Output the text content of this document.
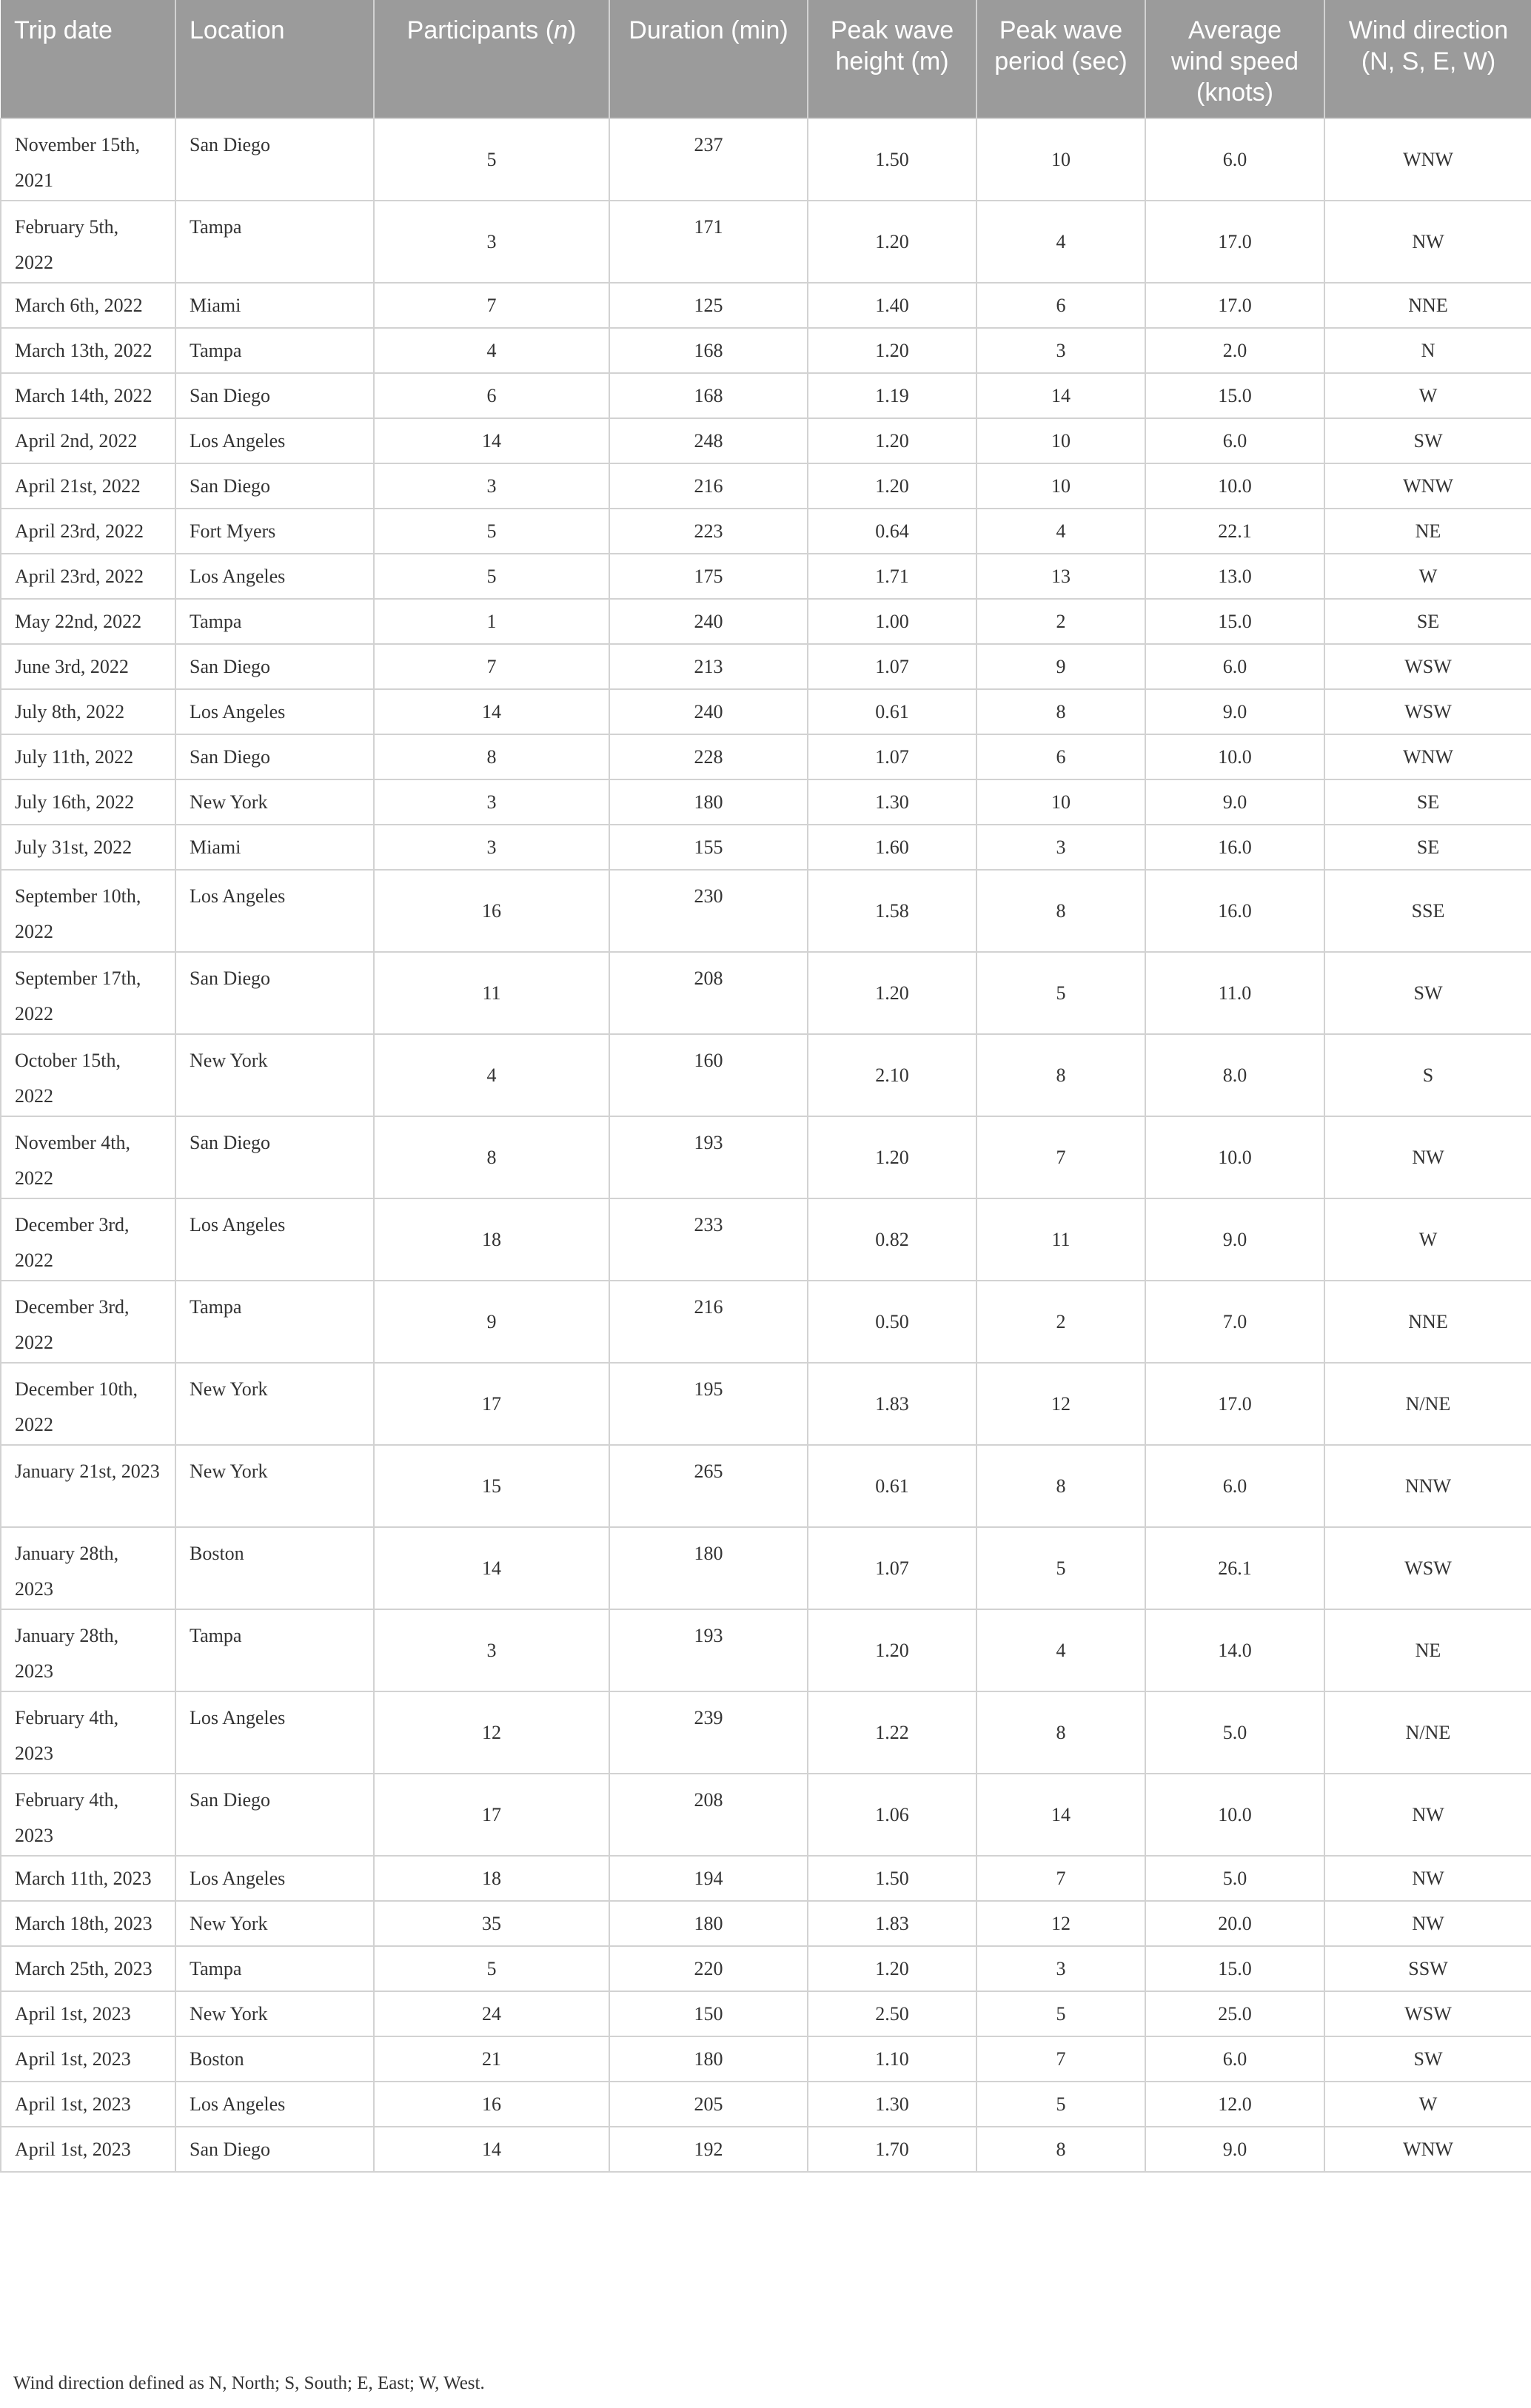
Trip date	Location	Participants (n)	Duration (min)	Peak wave height (m)	Peak wave period (sec)	Average wind speed (knots)	Wind direction (N, S, E, W)
November 15th, 2021	San Diego	5	237	1.50	10	6.0	WNW
February 5th, 2022	Tampa	3	171	1.20	4	17.0	NW
March 6th, 2022	Miami	7	125	1.40	6	17.0	NNE
March 13th, 2022	Tampa	4	168	1.20	3	2.0	N
March 14th, 2022	San Diego	6	168	1.19	14	15.0	W
April 2nd, 2022	Los Angeles	14	248	1.20	10	6.0	SW
April 21st, 2022	San Diego	3	216	1.20	10	10.0	WNW
April 23rd, 2022	Fort Myers	5	223	0.64	4	22.1	NE
April 23rd, 2022	Los Angeles	5	175	1.71	13	13.0	W
May 22nd, 2022	Tampa	1	240	1.00	2	15.0	SE
June 3rd, 2022	San Diego	7	213	1.07	9	6.0	WSW
July 8th, 2022	Los Angeles	14	240	0.61	8	9.0	WSW
July 11th, 2022	San Diego	8	228	1.07	6	10.0	WNW
July 16th, 2022	New York	3	180	1.30	10	9.0	SE
July 31st, 2022	Miami	3	155	1.60	3	16.0	SE
September 10th, 2022	Los Angeles	16	230	1.58	8	16.0	SSE
September 17th, 2022	San Diego	11	208	1.20	5	11.0	SW
October 15th, 2022	New York	4	160	2.10	8	8.0	S
November 4th, 2022	San Diego	8	193	1.20	7	10.0	NW
December 3rd, 2022	Los Angeles	18	233	0.82	11	9.0	W
December 3rd, 2022	Tampa	9	216	0.50	2	7.0	NNE
December 10th, 2022	New York	17	195	1.83	12	17.0	N/NE
January 21st, 2023	New York	15	265	0.61	8	6.0	NNW
January 28th, 2023	Boston	14	180	1.07	5	26.1	WSW
January 28th, 2023	Tampa	3	193	1.20	4	14.0	NE
February 4th, 2023	Los Angeles	12	239	1.22	8	5.0	N/NE
February 4th, 2023	San Diego	17	208	1.06	14	10.0	NW
March 11th, 2023	Los Angeles	18	194	1.50	7	5.0	NW
March 18th, 2023	New York	35	180	1.83	12	20.0	NW
March 25th, 2023	Tampa	5	220	1.20	3	15.0	SSW
April 1st, 2023	New York	24	150	2.50	5	25.0	WSW
April 1st, 2023	Boston	21	180	1.10	7	6.0	SW
April 1st, 2023	Los Angeles	16	205	1.30	5	12.0	W
April 1st, 2023	San Diego	14	192	1.70	8	9.0	WNW
Wind direction defined as N, North; S, South; E, East; W, West.
